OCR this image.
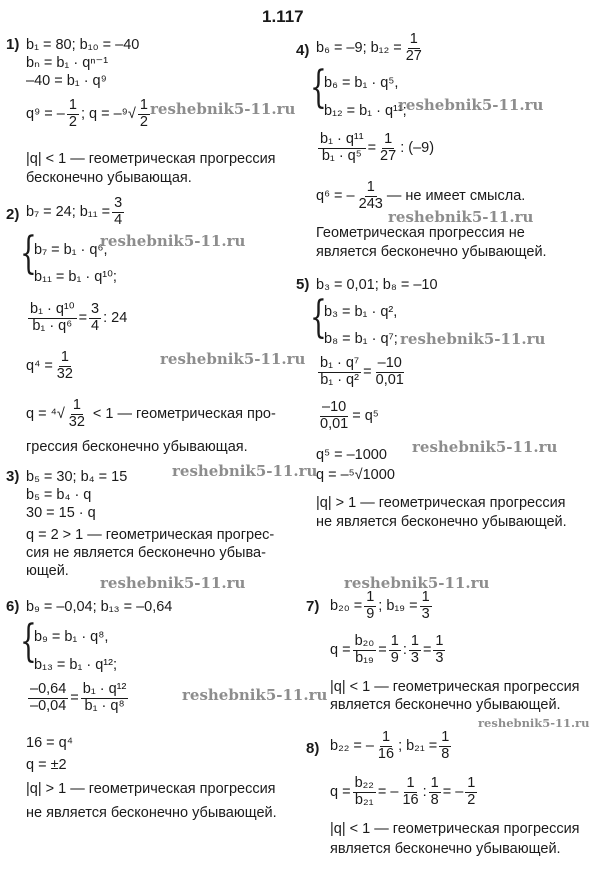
1.117
1) b₁ = 80; b₁₀ = –40
bₙ = b₁ · qⁿ⁻¹
–40 = b₁ · q⁹
q⁹ = – $\frac{1}{2}$ ; q = – $^9√ \frac{1}{2}$
|q| < 1 — геометрическая прогрессия
бесконечно убывающая.
2) b₇ = 24; $b_{11} = \frac{3}{4}$
{
b₇ = b₁ · q⁶,
b₁₁ = b₁ · q¹⁰;
$\frac{\text{b₁ · q¹⁰}}{\text{b₁ · q⁶}} = \frac{3}{4}$ : 24
$q^4 = \frac{1}{32}$
$q = ^4√ \frac{1}{32} < 1$ — геометрическая про-
грессия бесконечно убывающая.
3) b₅ = 30; b₄ = 15
b₅ = b₄ · q
30 = 15 · q
q = 2 > 1 — геометрическая прогрес-
сия не является бесконечно убыва-
ющей.
6) b₉ = –0,04; b₁₃ = –0,64
{
b₉ = b₁ · q⁸,
b₁₃ = b₁ · q¹²;
$\frac{-0,64}{-0,04} = \frac{\text{b₁ · q¹²}}{\text{b₁ · q⁸}}$
16 = q⁴
q = ±2
|q| > 1 — геометрическая прогрессия
не является бесконечно убывающей.
4) b₆ = –9; $b_{12} = \frac{1}{27}$
{
b₆ = b₁ · q⁵,
b₁₂ = b₁ · q¹¹;
$\frac{\text{b₁ · q¹¹}}{\text{b₁ · q⁵}} = \frac{1}{27}$ : (–9)
q⁶ = – $\frac{1}{243}$ — не имеет смысла.
Геометрическая прогрессия не
является бесконечно убывающей.
5) b₃ = 0,01; b₈ = –10
{
b₃ = b₁ · q²,
b₈ = b₁ · q⁷;
$\frac{\text{b₁ · q⁷}}{\text{b₁ · q²}} = \frac{-10}{0,01}$
$\frac{-10}{0,01} = q^5$
q⁵ = –1000
q = –⁵√1000
|q| > 1 — геометрическая прогрессия
не является бесконечно убывающей.
7) $b_{20} = \frac{1}{9}$ ; $b_{19} = \frac{1}{3}$
$q = \frac{\text{b₂₀}}{\text{b₁₉}} = \frac{1}{9}$ : $\frac{1}{3} = \frac{1}{3}$
|q| < 1 — геометрическая прогрессия
является бесконечно убывающей.
8) b₂₂ = – $\frac{1}{16}$ ; $b_{21} = \frac{1}{8}$
$q = \frac{\text{b₂₂}}{\text{b₂₁}}$ = – $\frac{1}{16}$ : $\frac{1}{8}$ = – $\frac{1}{2}$
|q| < 1 — геометрическая прогрессия
является бесконечно убывающей.
reshebnik5-11.ru	reshebnik5-11.ru
reshebnik5-11.ru
reshebnik5-11.ru
reshebnik5-11.ru
reshebnik5-11.ru
reshebnik5-11.ru
reshebnik5-11.ru
reshebnik5-11.ru	reshebnik5-11.ru
reshebnik5-11.ru
reshebnik5-11.ru
